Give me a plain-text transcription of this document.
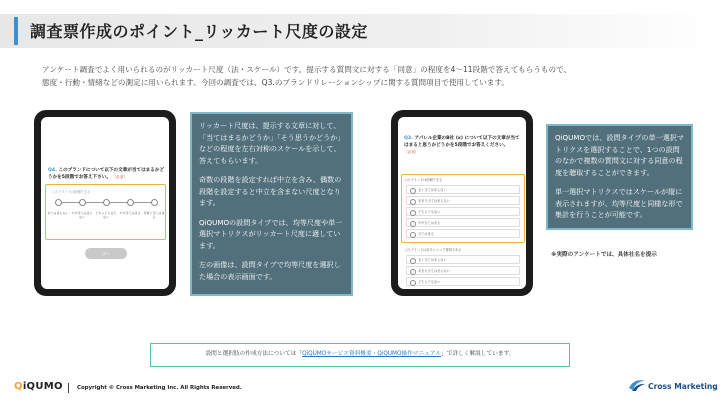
調査票作成のポイント_リッカート尺度の設定
アンケート調査でよく用いられるのがリッカート尺度（法・スケール）です。提示する質問文に対する「同意」の程度を4～11段階で答えてもらうもので、
態度・行動・情緒などの測定に用いられます。今回の調査では、Q3.のブランドリレーションシップに関する質問項目で使用しています。
Q4. このブランドについて以下の文章が当てはまるかどうかを5段階でお答え下さい。 （必須）
このブランドは信頼できる
あてはまらない やや当てはまらない
どちらとも言えない
やや当てはまる 非常に当てはまる
次へ

リッカート尺度は、提示する文章に対して、「当てはまるかどうか」「そう思うかどうか」などの程度を左右対称のスケールを示して、答えてもらいます。

奇数の段階を設定すれば中立を含み、偶数の段階を設定すると中立を含まない尺度となります。

QiQUMOの設問タイプでは、均等尺度や単一選択マトリクスがリッカート尺度に適しています。

左の画像は、設問タイプで均等尺度を選択した場合の表示画面です。

Q3. アパレル企業のB社 (x) について以下の文章が当てはまると思うかどうかを5段階でお答えください。 （必須）
このブランドは信頼できる
全く当てはまらない
あまり当てはまらない
どちらでもない
やや当てはまる
当てはまる
このブランドは自分にとって特別である
全く当てはまらない
あまり当てはまらない
どちらでもない

QiQUMOでは、設問タイプの単一選択マトリクスを選択することで、1つの設問のなかで複数の質問文に対する同意の程度を聴取することができます。

単一選択マトリクスではスケールが縦に表示されますが、均等尺度と同様な形で集計を行うことが可能です。

※実際のアンケートでは、具体社名を提示
設問と選択肢の作成方法については「QiQUMOサービス資料概要・QiQUMO操作マニュアル」で詳しく解説しています。
QiQUMO	Copyright © Cross Marketing Inc. All Rights Reserved.	Cross Marketing
